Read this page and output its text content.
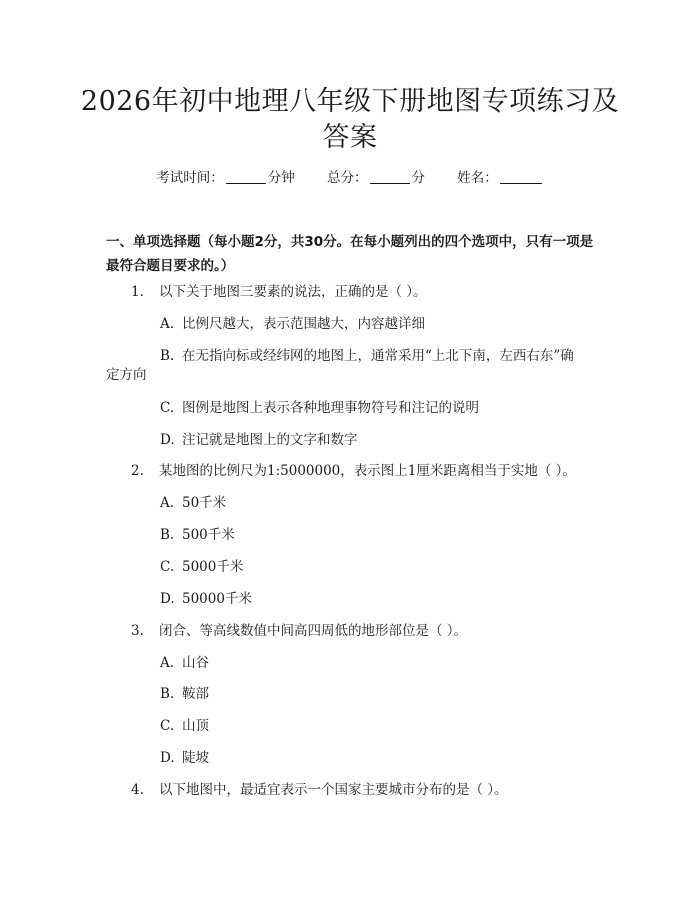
2026年初中地理八年级下册地图专项练习及
答案
考试时间：	分钟 总分：	分 姓名：
一、单项选择题（每小题2分，共30分。在每小题列出的四个选项中，只有一项是最符合题目要求的。）
1. 以下关于地图三要素的说法，正确的是（ ）。
A. 比例尺越大，表示范围越大，内容越详细
B. 在无指向标或经纬网的地图上，通常采用“上北下南，左西右东”确
定方向
C. 图例是地图上表示各种地理事物符号和注记的说明
D. 注记就是地图上的文字和数字
2. 某地图的比例尺为1:5000000，表示图上1厘米距离相当于实地（ ）。
A. 50千米
B. 500千米
C. 5000千米
D. 50000千米
3. 闭合、等高线数值中间高四周低的地形部位是（ ）。
A. 山谷
B. 鞍部
C. 山顶
D. 陡坡
4. 以下地图中，最适宜表示一个国家主要城市分布的是（ ）。
